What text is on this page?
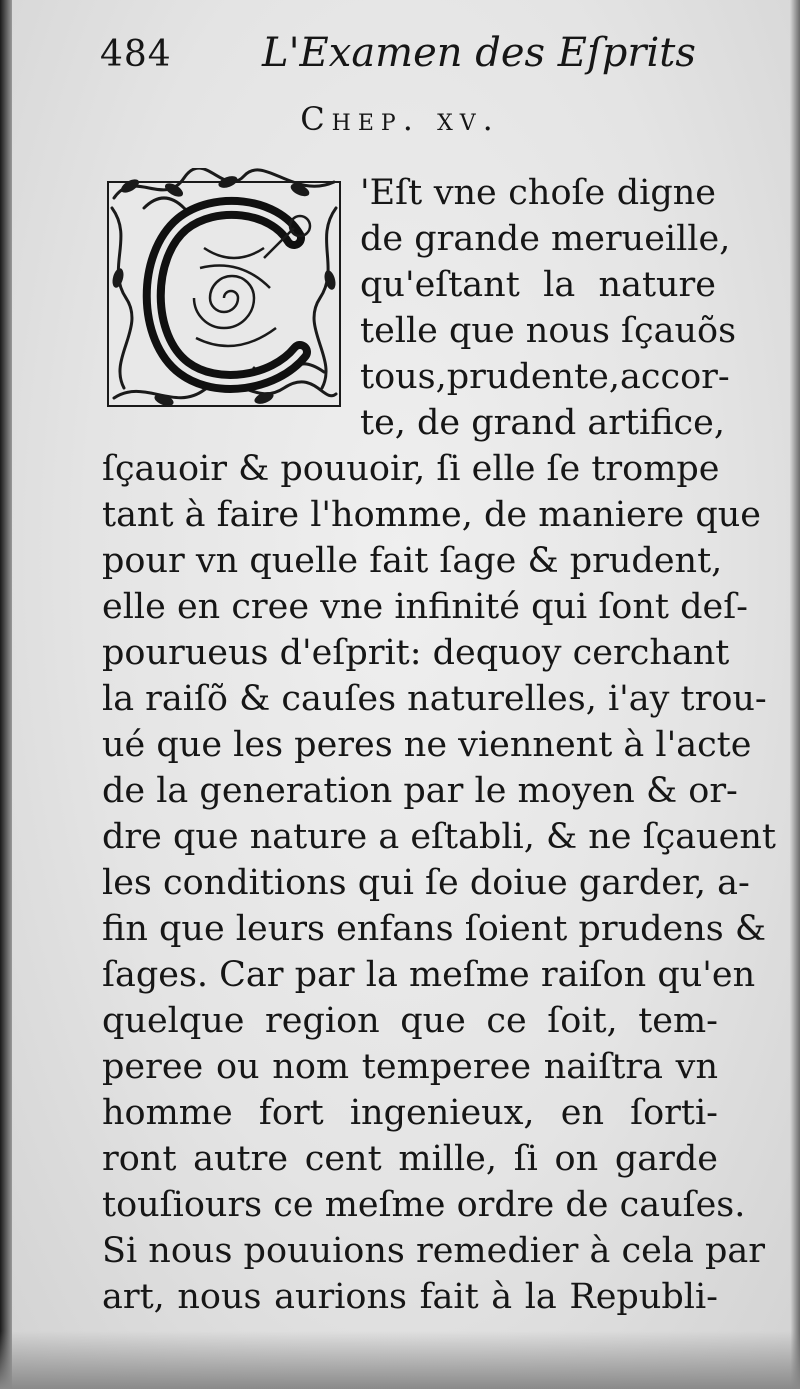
484 L'Examen des Eſprits
Chep. xv.
'Eſt vne choſe digne
de grande merueille,
qu'eſtant la nature
telle que nous ſçauõs
tous,prudente,accor-
te, de grand artifice,
ſçauoir & pouuoir, ſi elle ſe trompe
tant à faire l'homme, de maniere que
pour vn quelle fait ſage & prudent,
elle en cree vne infinité qui ſont deſ-
pourueus d'eſprit: dequoy cerchant
la raiſõ & cauſes naturelles, i'ay trou-
ué que les peres ne viennent à l'acte
de la generation par le moyen & or-
dre que nature a eſtabli, & ne ſçauent
les conditions qui ſe doiue garder, a-
fin que leurs enfans ſoient prudens &
ſages. Car par la meſme raiſon qu'en
quelque region que ce ſoit, tem-
peree ou nom temperee naiſtra vn
homme fort ingenieux, en ſorti-
ront autre cent mille, ſi on garde
touſiours ce meſme ordre de cauſes.
Si nous pouuions remedier à cela par
art, nous aurions fait à la Republi-
